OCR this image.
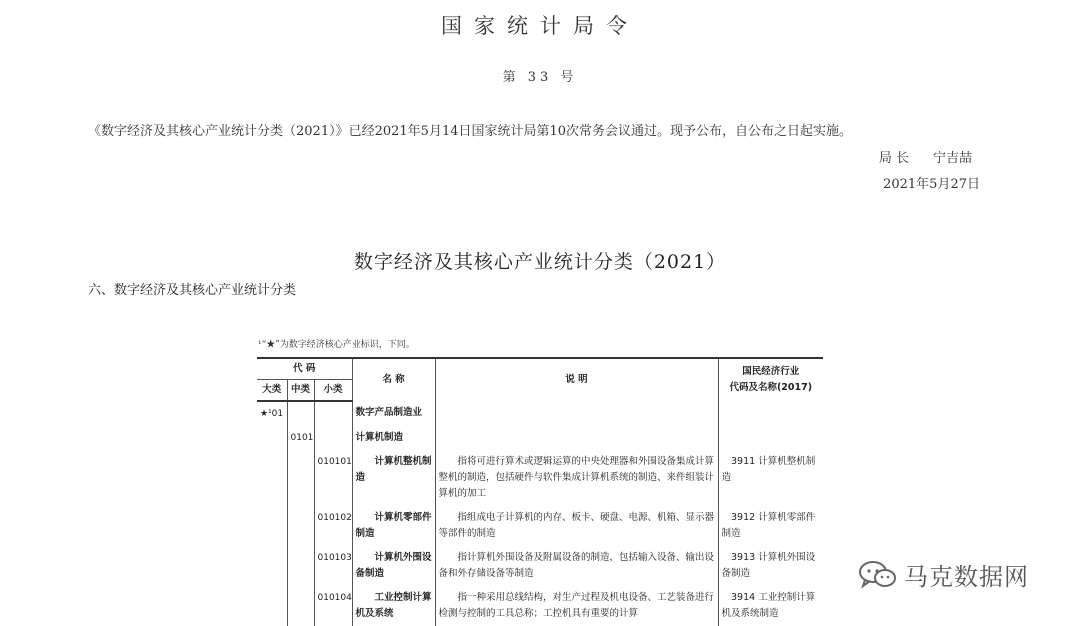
国家统计局令
第 33 号
《数字经济及其核心产业统计分类（2021）》已经2021年5月14日国家统计局第10次常务会议通过。现予公布，自公布之日起实施。
局 长 宁吉喆
2021年5月27日
数字经济及其核心产业统计分类（2021）
六、数字经济及其核心产业统计分类
¹“★”为数字经济核心产业标识，下同。
代 码			名 称	说 明	国民经济行业
代码及名称(2017)
大类	中类	小类			
★¹01			数字产品制造业		
	0101		计算机制造		
		010101	计算机整机制造	指将可进行算术或逻辑运算的中央处理器和外围设备集成计算整机的制造，包括硬件与软件集成计算机系统的制造、来件组装计算机的加工	3911 计算机整机制造
		010102	计算机零部件制造	指组成电子计算机的内存、板卡、硬盘、电源、机箱、显示器等部件的制造	3912 计算机零部件制造
		010103	计算机外围设备制造	指计算机外围设备及附属设备的制造，包括输入设备、输出设备和外存储设备等制造	3913 计算机外围设备制造
		010104	工业控制计算机及系统	指一种采用总线结构，对生产过程及机电设备、工艺装备进行检测与控制的工具总称；工控机具有重要的计算	3914 工业控制计算机及系统制造
马克数据网
